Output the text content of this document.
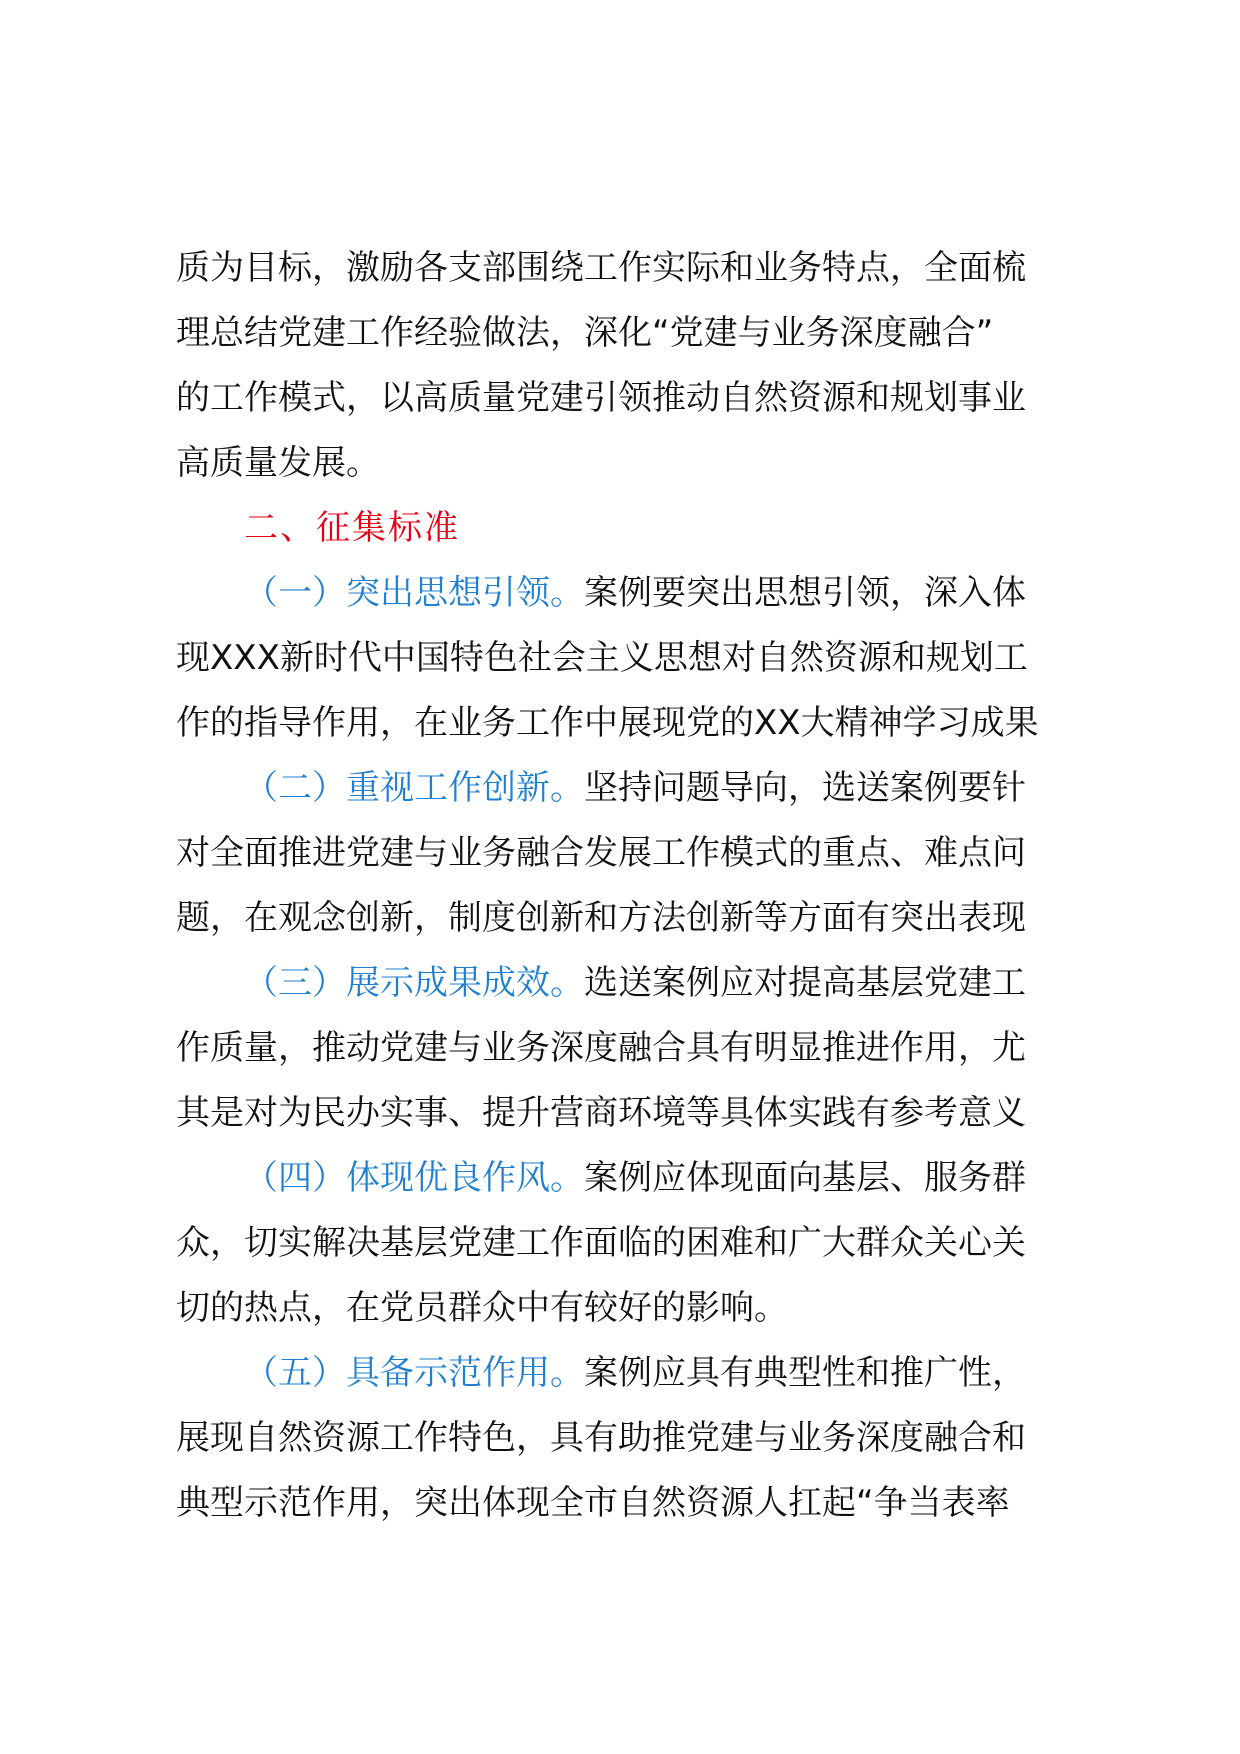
质为目标，激励各支部围绕工作实际和业务特点，全面梳
理总结党建工作经验做法，深化“党建与业务深度融合”
的工作模式，以高质量党建引领推动自然资源和规划事业
高质量发展。
二、征集标准
（一）突出思想引领。案例要突出思想引领，深入体
现XXX新时代中国特色社会主义思想对自然资源和规划工
作的指导作用，在业务工作中展现党的XX大精神学习成果
（二）重视工作创新。坚持问题导向，选送案例要针
对全面推进党建与业务融合发展工作模式的重点、难点问
题，在观念创新，制度创新和方法创新等方面有突出表现
（三）展示成果成效。选送案例应对提高基层党建工
作质量，推动党建与业务深度融合具有明显推进作用，尤
其是对为民办实事、提升营商环境等具体实践有参考意义
（四）体现优良作风。案例应体现面向基层、服务群
众，切实解决基层党建工作面临的困难和广大群众关心关
切的热点，在党员群众中有较好的影响。
（五）具备示范作用。案例应具有典型性和推广性，
展现自然资源工作特色，具有助推党建与业务深度融合和
典型示范作用，突出体现全市自然资源人扛起“争当表率
